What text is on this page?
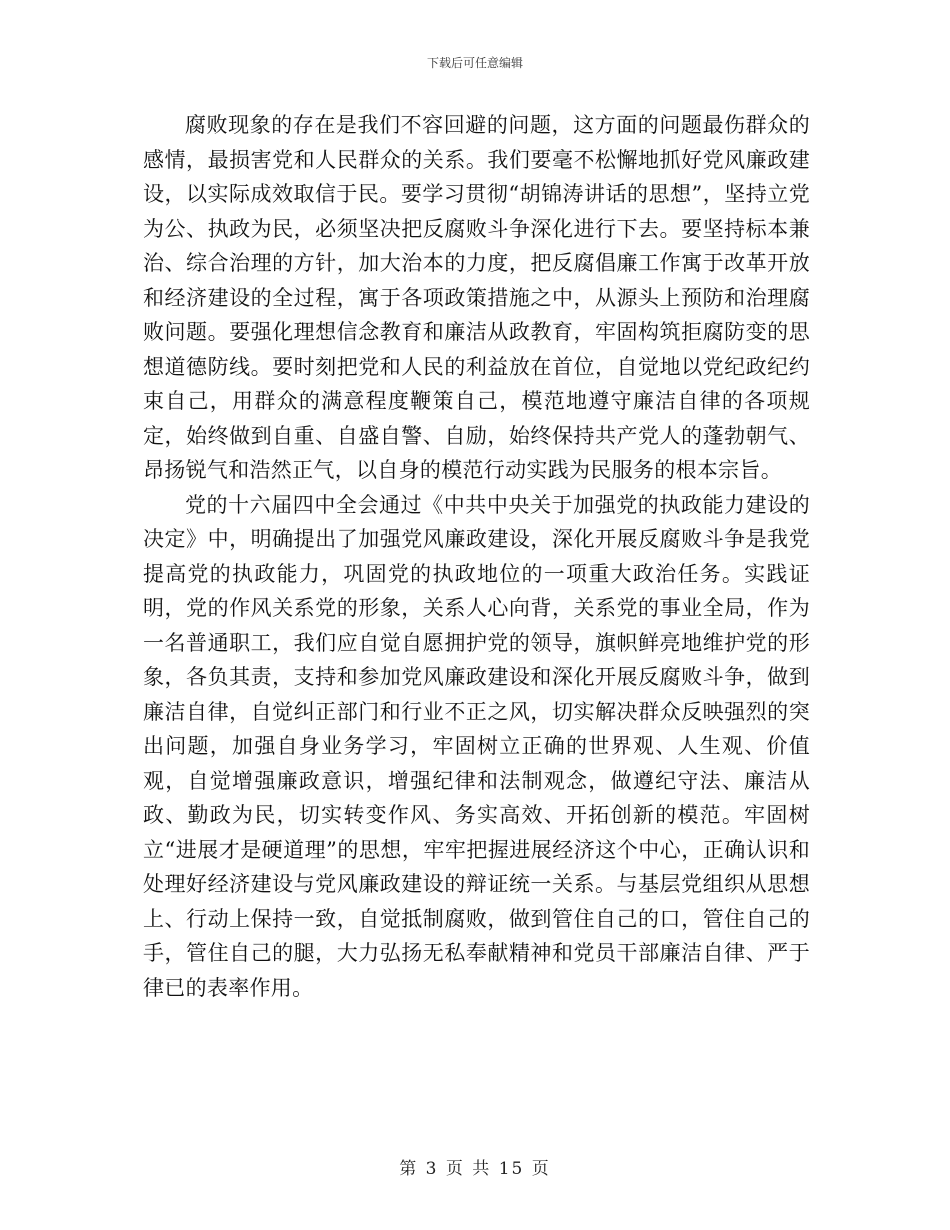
下载后可任意编辑

腐败现象的存在是我们不容回避的问题，这方面的问题最伤群众的感情，最损害党和人民群众的关系。我们要毫不松懈地抓好党风廉政建设，以实际成效取信于民。要学习贯彻“胡锦涛讲话的思想”，坚持立党为公、执政为民，必须坚决把反腐败斗争深化进行下去。要坚持标本兼治、综合治理的方针，加大治本的力度，把反腐倡廉工作寓于改革开放和经济建设的全过程，寓于各项政策措施之中，从源头上预防和治理腐败问题。要强化理想信念教育和廉洁从政教育，牢固构筑拒腐防变的思想道德防线。要时刻把党和人民的利益放在首位，自觉地以党纪政纪约束自己，用群众的满意程度鞭策自己，模范地遵守廉洁自律的各项规定，始终做到自重、自盛自警、自励，始终保持共产党人的蓬勃朝气、昂扬锐气和浩然正气，以自身的模范行动实践为民服务的根本宗旨。

党的十六届四中全会通过《中共中央关于加强党的执政能力建设的决定》中，明确提出了加强党风廉政建设，深化开展反腐败斗争是我党提高党的执政能力，巩固党的执政地位的一项重大政治任务。实践证明，党的作风关系党的形象，关系人心向背，关系党的事业全局，作为一名普通职工，我们应自觉自愿拥护党的领导，旗帜鲜亮地维护党的形象，各负其责，支持和参加党风廉政建设和深化开展反腐败斗争，做到廉洁自律，自觉纠正部门和行业不正之风，切实解决群众反映强烈的突出问题，加强自身业务学习，牢固树立正确的世界观、人生观、价值观，自觉增强廉政意识，增强纪律和法制观念，做遵纪守法、廉洁从政、勤政为民，切实转变作风、务实高效、开拓创新的模范。牢固树立“进展才是硬道理”的思想，牢牢把握进展经济这个中心，正确认识和处理好经济建设与党风廉政建设的辩证统一关系。与基层党组织从思想上、行动上保持一致，自觉抵制腐败，做到管住自己的口，管住自己的手，管住自己的腿，大力弘扬无私奉献精神和党员干部廉洁自律、严于律已的表率作用。

第 3 页 共 15 页
